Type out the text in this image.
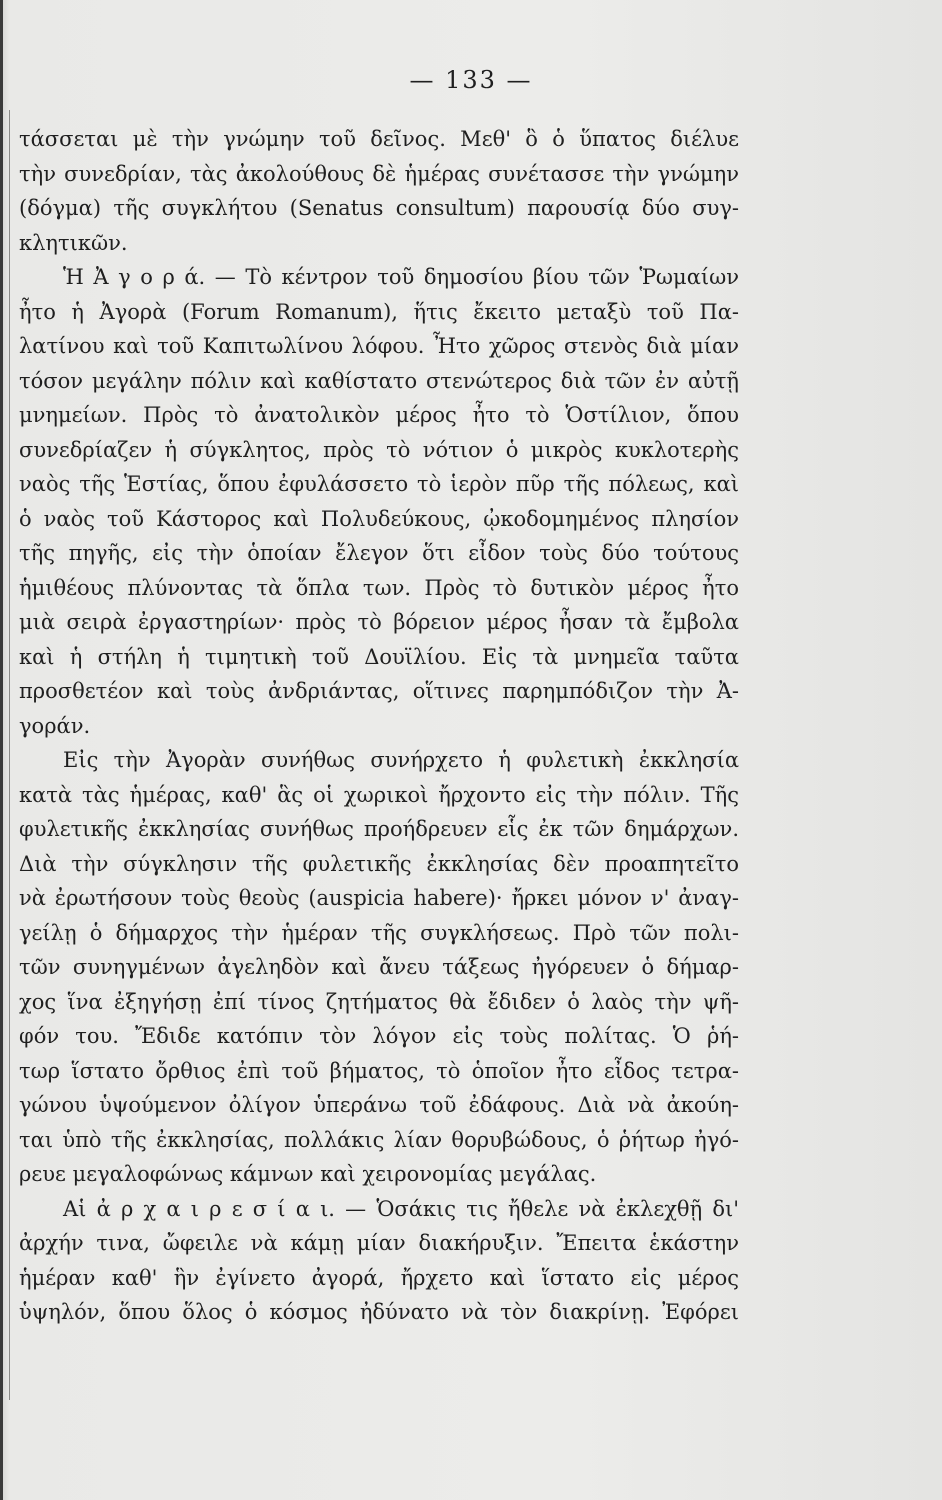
— 133 —
τάσσεται μὲ τὴν γνώμην τοῦ δεῖνος. Μεθ' ὃ ὁ ὕπατος διέλυε
τὴν συνεδρίαν, τὰς ἀκολούθους δὲ ἡμέρας συνέτασσε τὴν γνώμην
(δόγμα) τῆς συγκλήτου (Senatus consultum) παρουσίᾳ δύο συγ-
κλητικῶν.
Ἡ Ἀ γ ο ρ ά. — Τὸ κέντρον τοῦ δημοσίου βίου τῶν Ῥωμαίων
ἦτο ἡ Ἀγορὰ (Forum Romanum), ἥτις ἔκειτο μεταξὺ τοῦ Πα-
λατίνου καὶ τοῦ Καπιτωλίνου λόφου. Ἦτο χῶρος στενὸς διὰ μίαν
τόσον μεγάλην πόλιν καὶ καθίστατο στενώτερος διὰ τῶν ἐν αὐτῇ
μνημείων. Πρὸς τὸ ἀνατολικὸν μέρος ἦτο τὸ Ὁστίλιον, ὅπου
συνεδρίαζεν ἡ σύγκλητος, πρὸς τὸ νότιον ὁ μικρὸς κυκλοτερὴς
ναὸς τῆς Ἑστίας, ὅπου ἐφυλάσσετο τὸ ἱερὸν πῦρ τῆς πόλεως, καὶ
ὁ ναὸς τοῦ Κάστορος καὶ Πολυδεύκους, ᾠκοδομημένος πλησίον
τῆς πηγῆς, εἰς τὴν ὁποίαν ἔλεγον ὅτι εἶδον τοὺς δύο τούτους
ἡμιθέους πλύνοντας τὰ ὅπλα των. Πρὸς τὸ δυτικὸν μέρος ἦτο
μιὰ σειρὰ ἐργαστηρίων· πρὸς τὸ βόρειον μέρος ἦσαν τὰ ἔμβολα
καὶ ἡ στήλη ἡ τιμητικὴ τοῦ Δουϊλίου. Εἰς τὰ μνημεῖα ταῦτα
προσθετέον καὶ τοὺς ἀνδριάντας, οἵτινες παρημπόδιζον τὴν Ἀ-
γοράν.
Εἰς τὴν Ἀγορὰν συνήθως συνήρχετο ἡ φυλετικὴ ἐκκλησία
κατὰ τὰς ἡμέρας, καθ' ἃς οἱ χωρικοὶ ἤρχοντο εἰς τὴν πόλιν. Τῆς
φυλετικῆς ἐκκλησίας συνήθως προήδρευεν εἷς ἐκ τῶν δημάρχων.
Διὰ τὴν σύγκλησιν τῆς φυλετικῆς ἐκκλησίας δὲν προαπητεῖτο
νὰ ἐρωτήσουν τοὺς θεοὺς (auspicia habere)· ἤρκει μόνον ν' ἀναγ-
γείλῃ ὁ δήμαρχος τὴν ἡμέραν τῆς συγκλήσεως. Πρὸ τῶν πολι-
τῶν συνηγμένων ἀγεληδὸν καὶ ἄνευ τάξεως ἠγόρευεν ὁ δήμαρ-
χος ἵνα ἐξηγήσῃ ἐπί τίνος ζητήματος θὰ ἔδιδεν ὁ λαὸς τὴν ψῆ-
φόν του. Ἔδιδε κατόπιν τὸν λόγον εἰς τοὺς πολίτας. Ὁ ῥή-
τωρ ἵστατο ὄρθιος ἐπὶ τοῦ βήματος, τὸ ὁποῖον ἦτο εἶδος τετρα-
γώνου ὑψούμενον ὀλίγον ὑπεράνω τοῦ ἐδάφους. Διὰ νὰ ἀκούη-
ται ὑπὸ τῆς ἐκκλησίας, πολλάκις λίαν θορυβώδους, ὁ ῥήτωρ ἠγό-
ρευε μεγαλοφώνως κάμνων καὶ χειρονομίας μεγάλας.
Αἱ ἀ ρ χ α ι ρ ε σ ί α ι. — Ὁσάκις τις ἤθελε νὰ ἐκλεχθῇ δι'
ἀρχήν τινα, ὤφειλε νὰ κάμῃ μίαν διακήρυξιν. Ἔπειτα ἑκάστην
ἡμέραν καθ' ἣν ἐγίνετο ἀγορά, ἤρχετο καὶ ἵστατο εἰς μέρος
ὑψηλόν, ὅπου ὅλος ὁ κόσμος ἠδύνατο νὰ τὸν διακρίνῃ. Ἐφόρει
